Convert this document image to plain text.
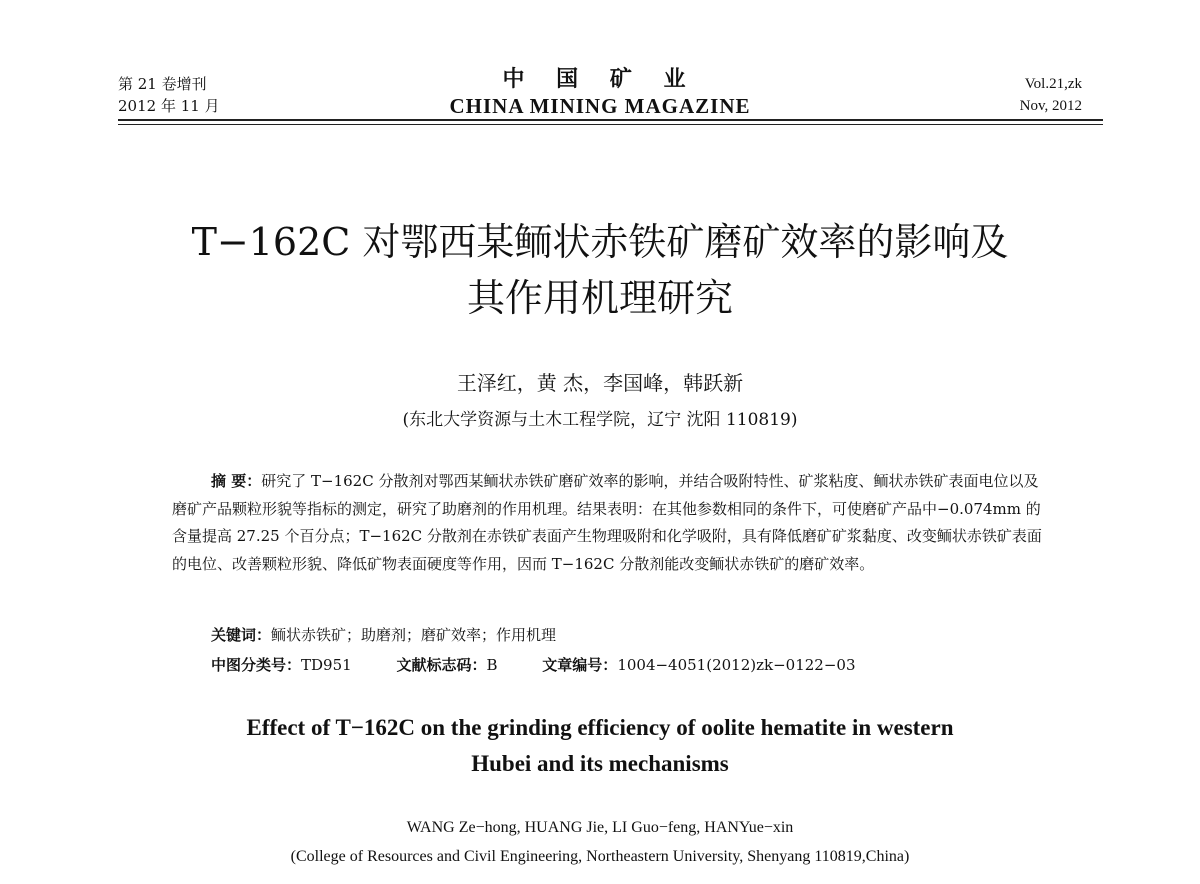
第 21 卷增刊
2012 年 11 月
中 国 矿 业
CHINA MINING MAGAZINE
Vol.21,zk
Nov, 2012
T−162C 对鄂西某鲕状赤铁矿磨矿效率的影响及
其作用机理研究
王泽红，黄 杰，李国峰，韩跃新
(东北大学资源与土木工程学院，辽宁 沈阳 110819)
摘 要：研究了 T−162C 分散剂对鄂西某鲕状赤铁矿磨矿效率的影响，并结合吸附特性、矿浆粘度、鲕状赤铁矿表面电位以及磨矿产品颗粒形貌等指标的测定，研究了助磨剂的作用机理。结果表明：在其他参数相同的条件下，可使磨矿产品中−0.074mm 的含量提高 27.25 个百分点；T−162C 分散剂在赤铁矿表面产生物理吸附和化学吸附，具有降低磨矿矿浆黏度、改变鲕状赤铁矿表面的电位、改善颗粒形貌、降低矿物表面硬度等作用，因而 T−162C 分散剂能改变鲕状赤铁矿的磨矿效率。
关键词：鲕状赤铁矿；助磨剂；磨矿效率；作用机理
中图分类号：TD951	文献标志码：B	文章编号：1004−4051(2012)zk−0122−03
Effect of T−162C on the grinding efficiency of oolite hematite in western
Hubei and its mechanisms
WANG Ze−hong, HUANG Jie, LI Guo−feng, HANYue−xin
(College of Resources and Civil Engineering, Northeastern University, Shenyang 110819,China)
